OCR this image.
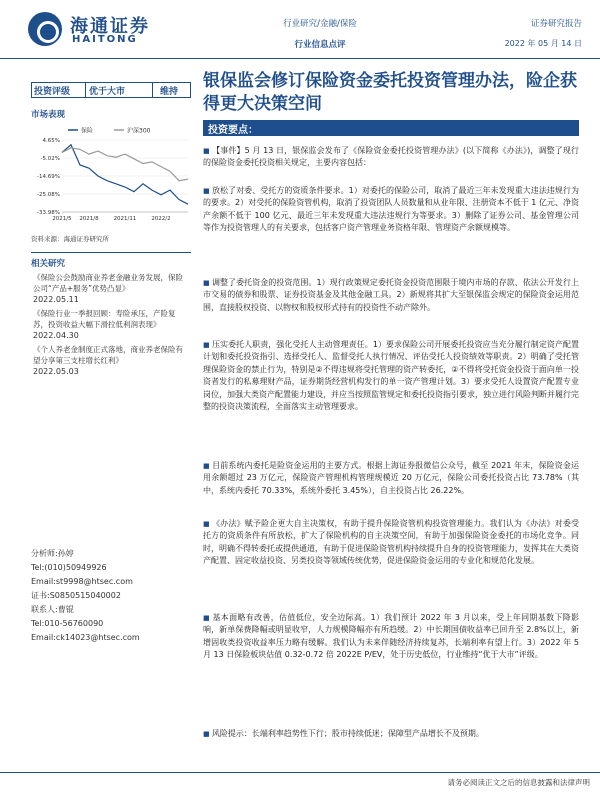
海通证券
HAITONG
行业研究/金融/保险
行业信息点评
证券研究报告
2022 年 05 月 14 日
投资评级 优于大市	维持
市场表现
保险	沪深300
4.65%
-5.02%
-14.69%
-25.08%
-33.98%
2021/5 2021/8	2021/11	2022/2
资料来源：海通证券研究所
相关研究
《保险公会鼓励商业养老金融业务发展，保险公司“产品+服务”优势凸显》
2022.05.11
《保险行业一季报回顾：寿险承压，产险复苏，投资收益大幅下滑拉低利润表现》
2022.04.30
《个人养老金制度正式落地，商业养老保险有望分享第三支柱增长红利》
2022.05.03
分析师:孙婷
Tel:(010)50949926
Email:st9998@htsec.com
证书:S0850515040002
联系人:曹锟
Tel:010-56760090
Email:ck14023@htsec.com
银保监会修订保险资金委托投资管理办法，险企获得更大决策空间
投资要点：
■ 【事件】5 月 13 日，银保监会发布了《保险资金委托投资管理办法》(以下简称《办法》)，调整了现行的保险资金委托投资相关规定，主要内容包括：
■ 放松了对委、受托方的资质条件要求。1）对委托的保险公司，取消了最近三年未发现重大违法违规行为的要求。2）对受托的保险资管机构，取消了投资团队人员数量和从业年限、注册资本不低于 1 亿元、净资产余额不低于 100 亿元、最近三年未发现重大违法违规行为等要求。3）删除了证券公司、基金管理公司等作为投资管理人的有关要求，包括客户资产管理业务资格年限、管理资产余额规模等。
■ 调整了委托资金的投资范围。1）现行政策规定委托资金投资范围限于境内市场的存款、依法公开发行上市交易的债券和股票、证券投资基金及其他金融工具。2）新规将其扩大至银保监会规定的保险资金运用范围，直接股权投资、以物权和股权形式持有的投资性不动产除外。
■ 压实委托人职责，强化受托人主动管理责任。1）要求保险公司开展委托投资应当充分履行制定资产配置计划和委托投资指引、选择受托人、监督受托人执行情况、评估受托人投资绩效等职责。2）明确了受托管理保险资金的禁止行为，特别是②不得违规将受托管理的资产转委托，②不得将受托资金投资于面向单一投资者发行的私募理财产品，证券期货经营机构发行的单一资产管理计划。3）要求受托人设置资产配置专业岗位，加强大类资产配置能力建设，并应当按照监管规定和委托投资指引要求，独立进行风险判断并履行完整的投资决策流程，全面落实主动管理要求。
■ 目前系统内委托是险资金运用的主要方式。根据上海证券报微信公众号，截至 2021 年末，保险资金运用余额超过 23 万亿元，保险资产管理机构管理规模近 20 万亿元，保险公司委托投资占比 73.78%（其中，系统内委托 70.33%，系统外委托 3.45%），自主投资占比 26.22%。
■ 《办法》赋予险企更大自主决策权，有助于提升保险资管机构投资管理能力。我们认为《办法》对委受托方的资质条件有所放松，扩大了保险机构的自主决策空间，有助于加强保险资金委托的市场化竞争。同时，明确不得转委托或提供通道，有助于促进保险资管机构持续提升自身的投资管理能力，发挥其在大类资产配置、固定收益投资、另类投资等领域传统优势，促进保险资金运用的专业化和规范化发展。
■ 基本面略有改善，估值低位，安全边际高。1）我们预计 2022 年 3 月以来，受上年同期基数下降影响，新单保费降幅或明显收窄，人力规模降幅亦有所趋缓。2）中长期国债收益率已回升至 2.8%以上，新增固收类投资收益率压力略有缓解。我们认为未来伴随经济持续复苏，长端利率有望上行。3）2022 年 5 月 13 日保险板块估值 0.32-0.72 倍 2022E P/EV，处于历史低位，行业维持“优于大市”评级。
■ 风险提示：长端利率趋势性下行；股市持续低迷；保障型产品增长不及预期。
请务必阅读正文之后的信息披露和法律声明
